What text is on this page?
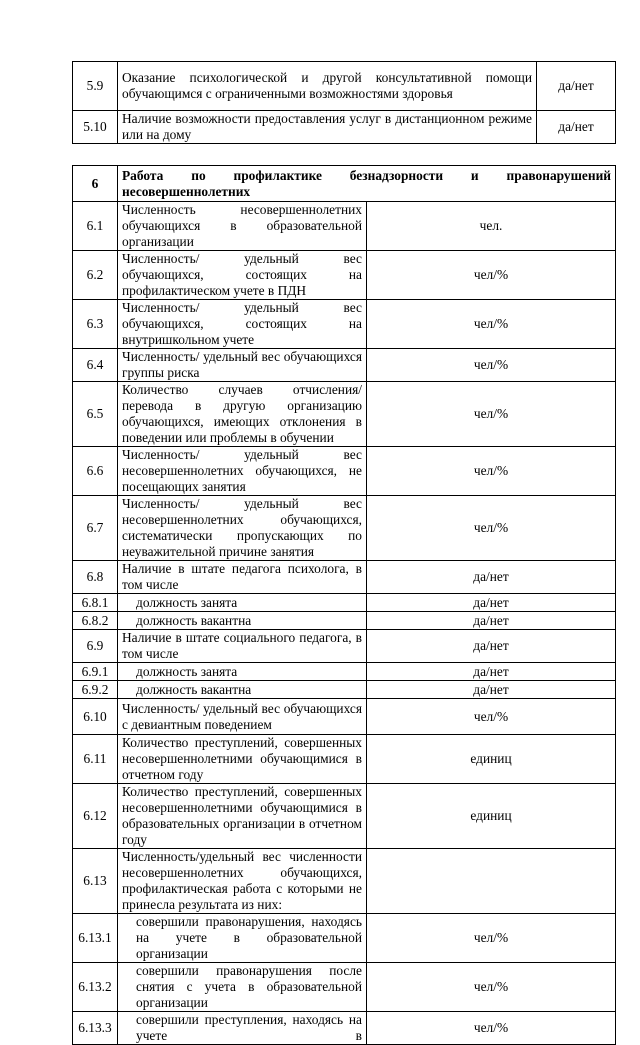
5.9	Оказание психологической и другой консультативной помощи обучающимся с ограниченными возможностями здоровья	да/нет
5.10	Наличие возможности предоставления услуг в дистанционном режиме или на дому	да/нет
6	Работа по профилактике безнадзорности и правонарушений несовершеннолетних	
6.1	Численность несовершеннолетних обучающихся в образовательной организации	чел.
6.2	Численность/ удельный вес обучающихся, состоящих на профилактическом учете в ПДН	чел/%
6.3	Численность/ удельный вес обучающихся, состоящих на внутришкольном учете	чел/%
6.4	Численность/ удельный вес обучающихся группы риска	чел/%
6.5	Количество случаев отчисления/ перевода в другую организацию обучающихся, имеющих отклонения в поведении или проблемы в обучении	чел/%
6.6	Численность/ удельный вес несовершеннолетних обучающихся, не посещающих занятия	чел/%
6.7	Численность/ удельный вес несовершеннолетних обучающихся, систематически пропускающих по неуважительной причине занятия	чел/%
6.8	Наличие в штате педагога психолога, в том числе	да/нет
6.8.1	должность занята	да/нет
6.8.2	должность вакантна	да/нет
6.9	Наличие в штате социального педагога, в том числе	да/нет
6.9.1	должность занята	да/нет
6.9.2	должность вакантна	да/нет
6.10	Численность/ удельный вес обучающихся с девиантным поведением	чел/%
6.11	Количество преступлений, совершенных несовершеннолетними обучающимися в отчетном году	единиц
6.12	Количество преступлений, совершенных несовершеннолетними обучающимися в образовательных организации в отчетном году	единиц
6.13	Численность/удельный вес численности несовершеннолетних обучающихся, профилактическая работа с которыми не принесла результата из них:	
6.13.1	совершили правонарушения, находясь на учете в образовательной организации	чел/%
6.13.2	совершили правонарушения после снятия с учета в образовательной организации	чел/%
6.13.3	совершили преступления, находясь на учете в	чел/%
